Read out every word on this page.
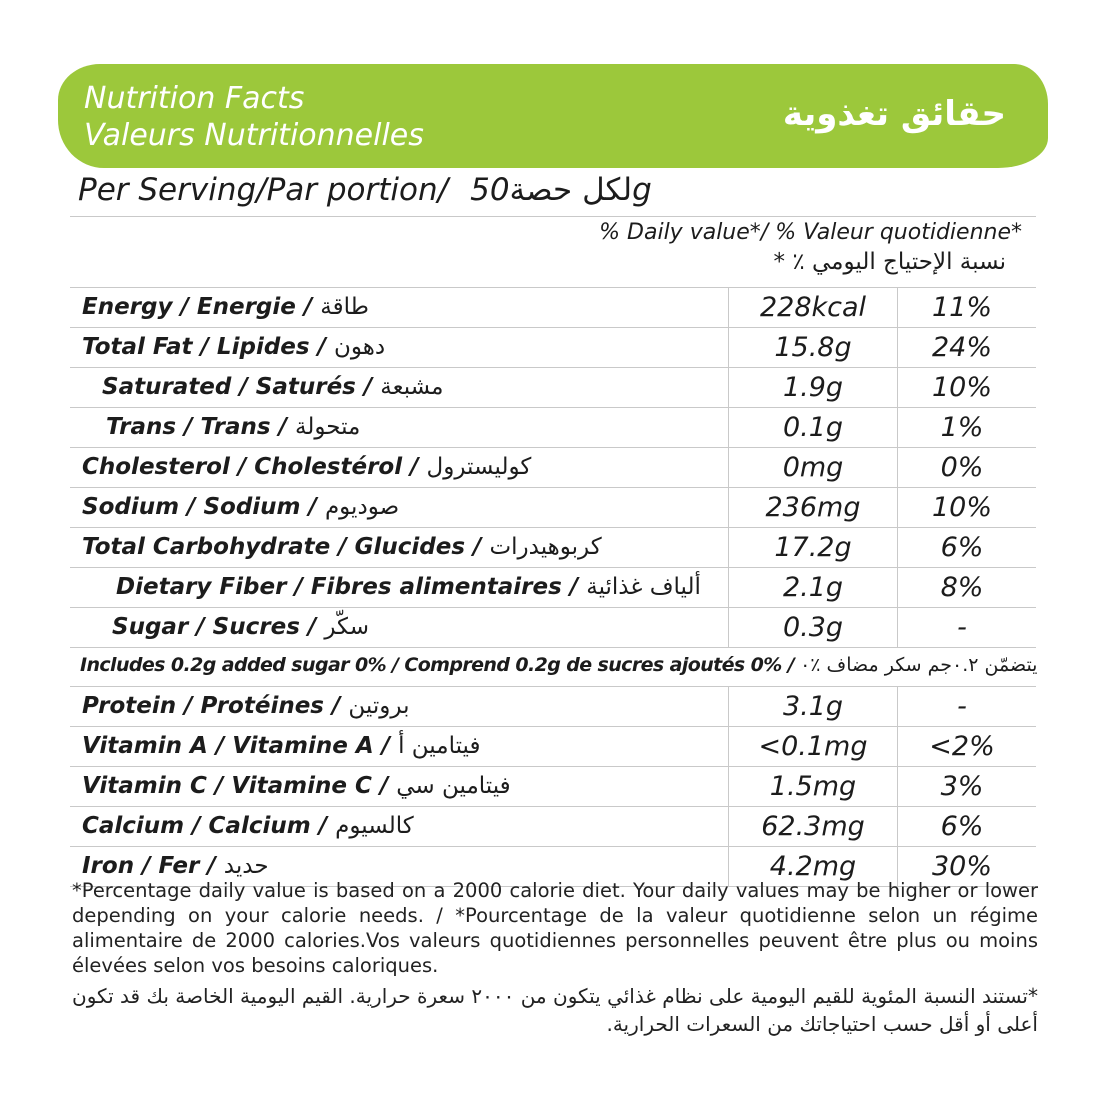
Nutrition Facts
Valeurs Nutritionnelles
حقائق تغذوية
Per Serving/Par portion/ لكل حصة50g
% Daily value*/ % Valeur quotidienne*
نسبة الإحتياج اليومي ٪ *
Energy / Energie / طاقة	228kcal	11%
Total Fat / Lipides / دهون	15.8g	24%
Saturated / Saturés / مشبعة	1.9g	10%
Trans / Trans / متحولة	0.1g	1%
Cholesterol / Cholestérol / كوليسترول	0mg	0%
Sodium / Sodium / صوديوم	236mg	10%
Total Carbohydrate / Glucides / كربوهيدرات	17.2g	6%
Dietary Fiber / Fibres alimentaires / ألياف غذائية	2.1g	8%
Sugar / Sucres / سكّر	0.3g	-
Includes 0.2g added sugar 0% / Comprend 0.2g de sucres ajoutés 0% / يتضمّن ٠.٢جم سكر مضاف ٪٠
Protein / Protéines / بروتين	3.1g	-
Vitamin A / Vitamine A / فيتامين أ	<0.1mg	<2%
Vitamin C / Vitamine C / فيتامين سي	1.5mg	3%
Calcium / Calcium / كالسيوم	62.3mg	6%
Iron / Fer / حديد	4.2mg	30%
*Percentage daily value is based on a 2000 calorie diet. Your daily values may be higher or lower depending on your calorie needs. / *Pourcentage de la valeur quotidienne selon un régime alimentaire de 2000 calories.Vos valeurs quotidiennes personnelles peuvent être plus ou moins élevées selon vos besoins caloriques.
*تستند النسبة المئوية للقيم اليومية على نظام غذائي يتكون من ٢٠٠٠ سعرة حرارية. القيم اليومية الخاصة بك قد تكون أعلى أو أقل حسب احتياجاتك من السعرات الحرارية.
